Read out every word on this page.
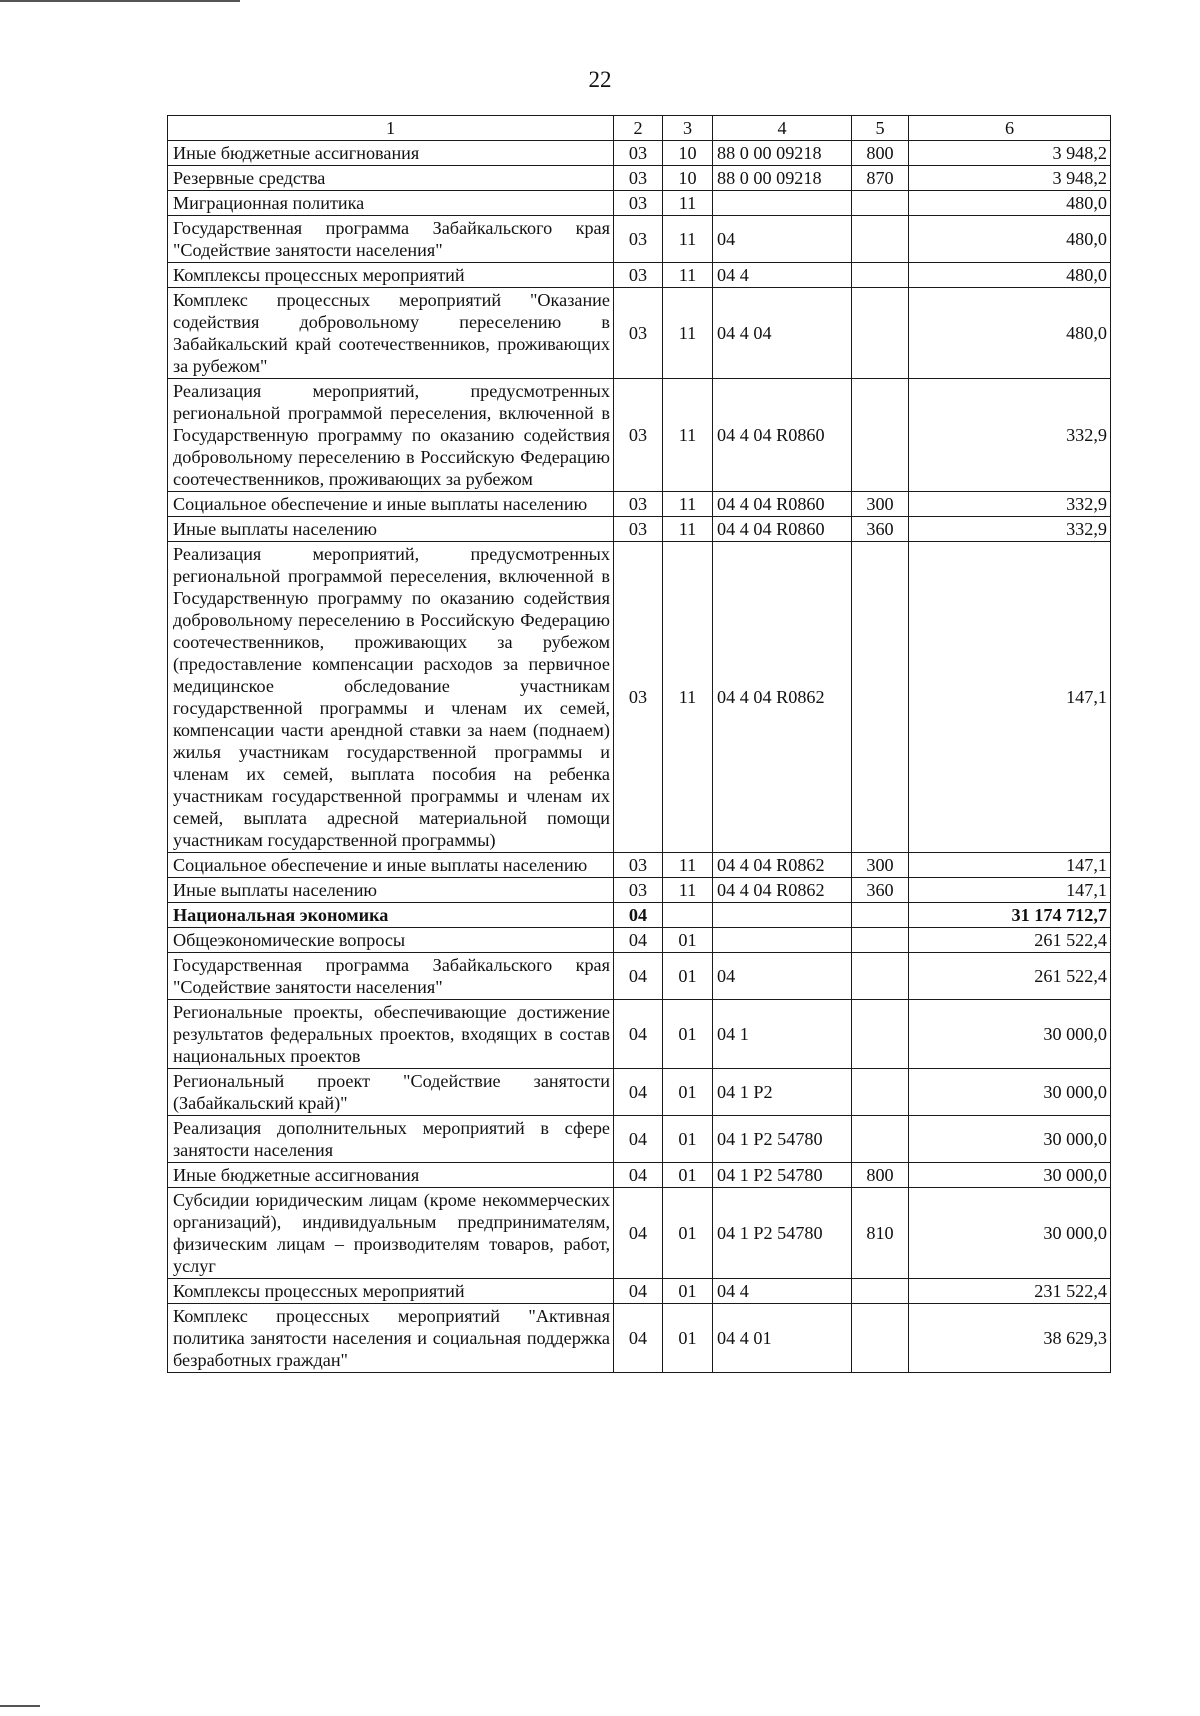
22
1	2	3	4	5	6
Иные бюджетные ассигнования	03	10	88 0 00 09218	800	3 948,2
Резервные средства	03	10	88 0 00 09218	870	3 948,2
Миграционная политика	03	11			480,0
Государственная программа Забайкальского края "Содействие занятости населения"	03	11	04		480,0
Комплексы процессных мероприятий	03	11	04 4		480,0
Комплекс процессных мероприятий "Оказание содействия добровольному переселению в Забайкальский край соотечественников, проживающих за рубежом"	03	11	04 4 04		480,0
Реализация мероприятий, предусмотренных региональной программой переселения, включенной в Государственную программу по оказанию содействия добровольному переселению в Российскую Федерацию соотечественников, проживающих за рубежом	03	11	04 4 04 R0860		332,9
Социальное обеспечение и иные выплаты населению	03	11	04 4 04 R0860	300	332,9
Иные выплаты населению	03	11	04 4 04 R0860	360	332,9
Реализация мероприятий, предусмотренных региональной программой переселения, включенной в Государственную программу по оказанию содействия добровольному переселению в Российскую Федерацию соотечественников, проживающих за рубежом (предоставление компенсации расходов за первичное медицинское обследование участникам государственной программы и членам их семей, компенсации части арендной ставки за наем (поднаем) жилья участникам государственной программы и членам их семей, выплата пособия на ребенка участникам государственной программы и членам их семей, выплата адресной материальной помощи участникам государственной программы)	03	11	04 4 04 R0862		147,1
Социальное обеспечение и иные выплаты населению	03	11	04 4 04 R0862	300	147,1
Иные выплаты населению	03	11	04 4 04 R0862	360	147,1
Национальная экономика	04				31 174 712,7
Общеэкономические вопросы	04	01			261 522,4
Государственная программа Забайкальского края "Содействие занятости населения"	04	01	04		261 522,4
Региональные проекты, обеспечивающие достижение результатов федеральных проектов, входящих в состав национальных проектов	04	01	04 1		30 000,0
Региональный проект "Содействие занятости (Забайкальский край)"	04	01	04 1 P2		30 000,0
Реализация дополнительных мероприятий в сфере занятости населения	04	01	04 1 P2 54780		30 000,0
Иные бюджетные ассигнования	04	01	04 1 P2 54780	800	30 000,0
Субсидии юридическим лицам (кроме некоммерческих организаций), индивидуальным предпринимателям, физическим лицам – производителям товаров, работ, услуг	04	01	04 1 P2 54780	810	30 000,0
Комплексы процессных мероприятий	04	01	04 4		231 522,4
Комплекс процессных мероприятий "Активная политика занятости населения и социальная поддержка безработных граждан"	04	01	04 4 01		38 629,3
